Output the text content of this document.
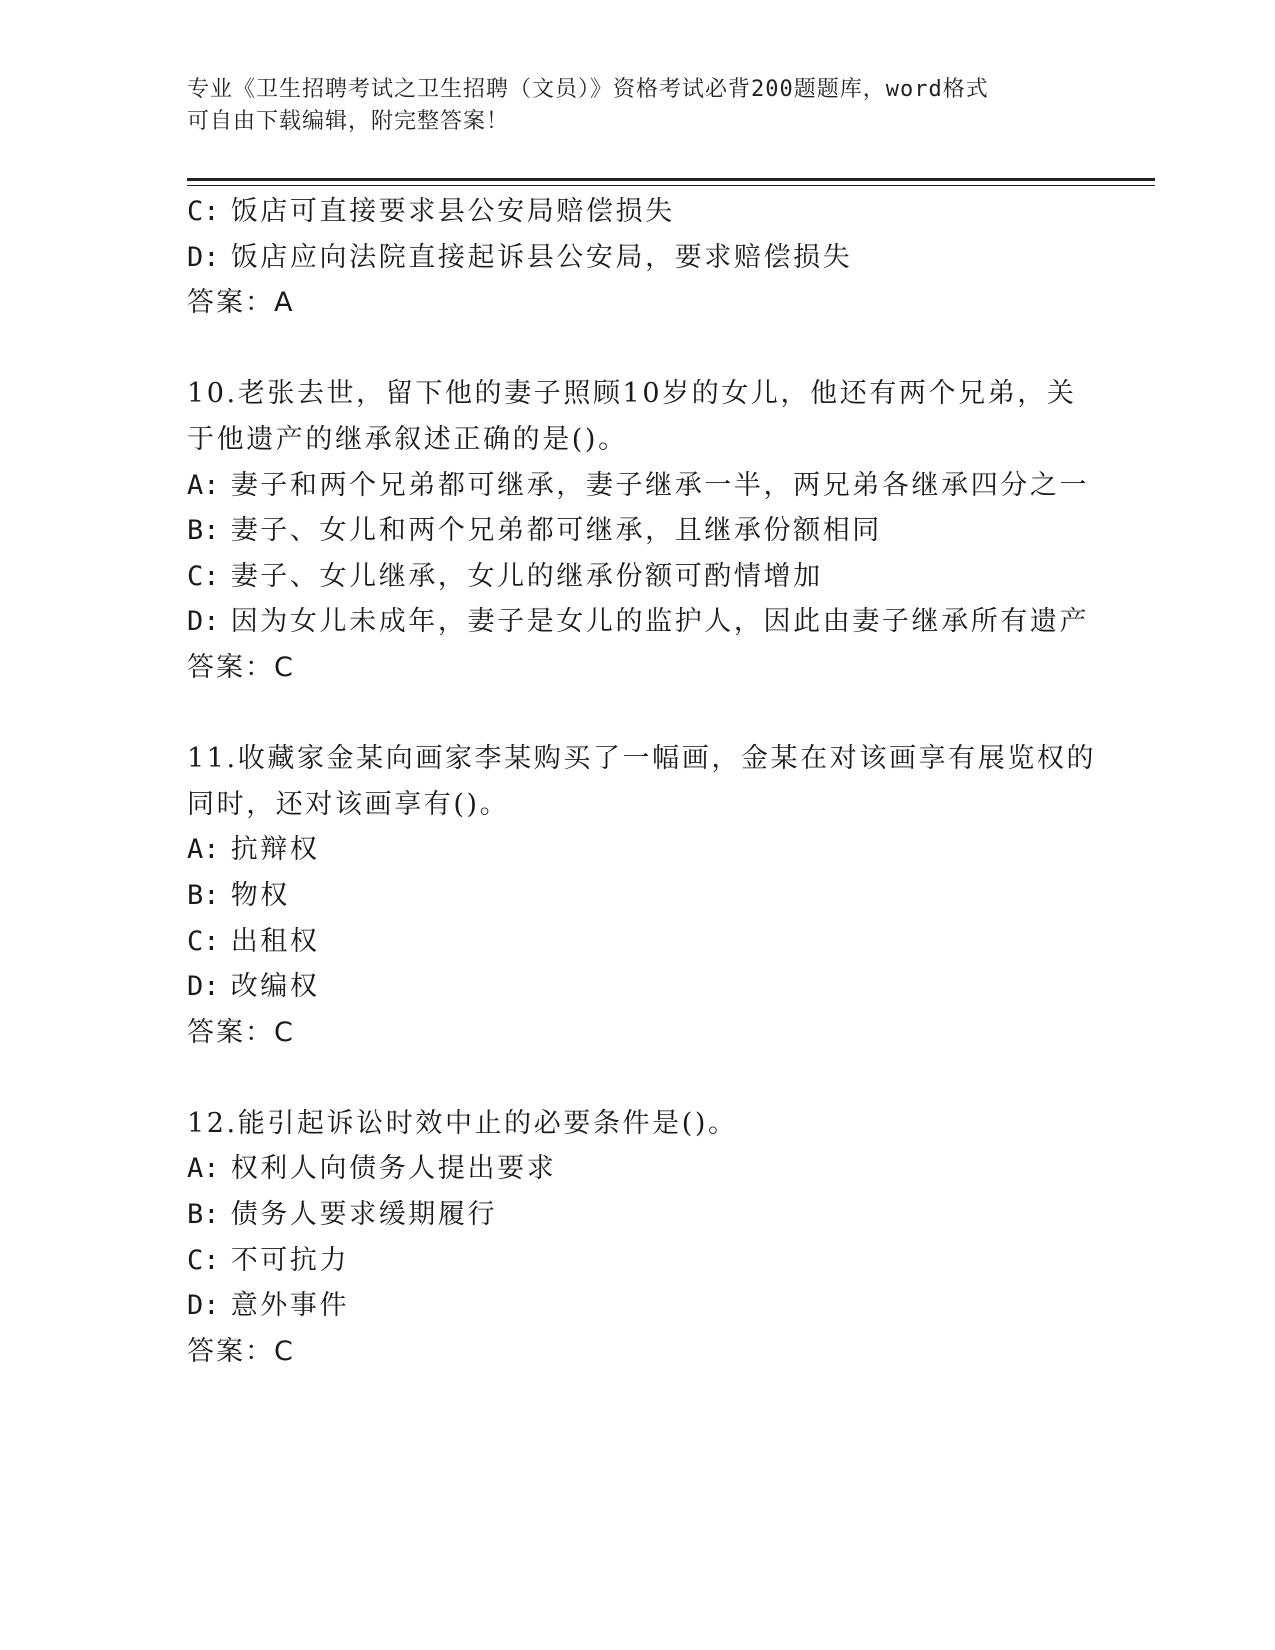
专业《卫生招聘考试之卫生招聘（文员）》资格考试必背200题题库，word格式
可自由下载编辑，附完整答案！
C: 饭店可直接要求县公安局赔偿损失
D: 饭店应向法院直接起诉县公安局，要求赔偿损失
答案：A
10.老张去世，留下他的妻子照顾10岁的女儿，他还有两个兄弟，关
于他遗产的继承叙述正确的是()。
A: 妻子和两个兄弟都可继承，妻子继承一半，两兄弟各继承四分之一
B: 妻子、女儿和两个兄弟都可继承，且继承份额相同
C: 妻子、女儿继承，女儿的继承份额可酌情增加
D: 因为女儿未成年，妻子是女儿的监护人，因此由妻子继承所有遗产
答案：C
11.收藏家金某向画家李某购买了一幅画，金某在对该画享有展览权的
同时，还对该画享有()。
A: 抗辩权
B: 物权
C: 出租权
D: 改编权
答案：C
12.能引起诉讼时效中止的必要条件是()。
A: 权利人向债务人提出要求
B: 债务人要求缓期履行
C: 不可抗力
D: 意外事件
答案：C
